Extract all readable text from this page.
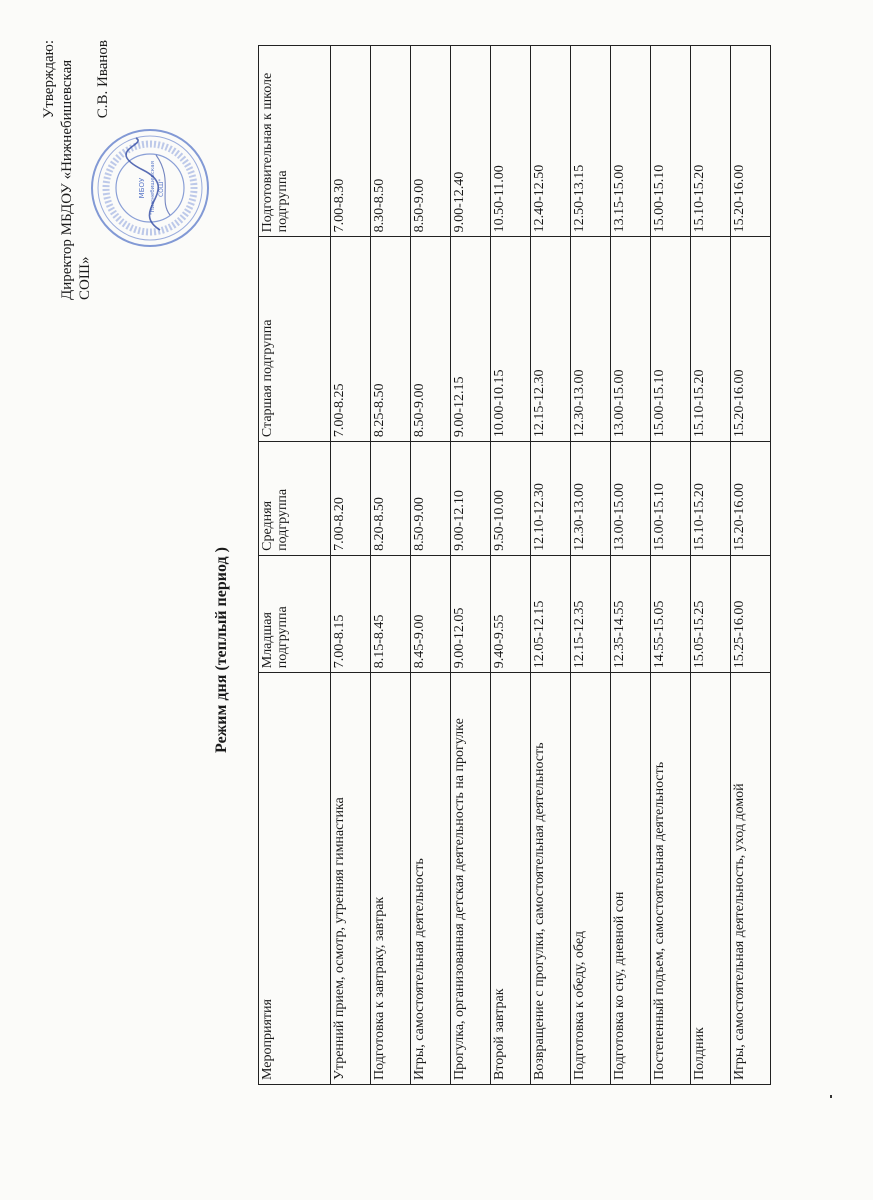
Утверждаю: Директор МБДОУ «Нижнебишевская СОШ»
С.В. Иванов
МБОУ "Нижнебишевская СОШ"
Режим дня (теплый период )
Мероприятия	Младшая подгруппа	Средняя подгруппа	Старшая подгруппа	Подготовительная к школе подгруппа
Утренний прием, осмотр, утренняя гимнастика	7.00-8.15	7.00-8.20	7.00-8.25	7.00-8.30
Подготовка к завтраку, завтрак	8.15-8.45	8.20-8.50	8.25-8.50	8.30-8.50
Игры, самостоятельная деятельность	8.45-9.00	8.50-9.00	8.50-9.00	8.50-9.00
Прогулка, организованная детская деятельность на прогулке	9.00-12.05	9.00-12.10	9.00-12.15	9.00-12.40
Второй завтрак	9.40-9.55	9.50-10.00	10.00-10.15	10.50-11.00
Возвращение с прогулки, самостоятельная деятельность	12.05-12.15	12.10-12.30	12.15-12.30	12.40-12.50
Подготовка к обеду, обед	12.15-12.35	12.30-13.00	12.30-13.00	12.50-13.15
Подготовка ко сну, дневной сон	12.35-14.55	13.00-15.00	13.00-15.00	13.15-15.00
Постепенный подъем, самостоятельная деятельность	14.55-15.05	15.00-15.10	15.00-15.10	15.00-15.10
Полдник	15.05-15.25	15.10-15.20	15.10-15.20	15.10-15.20
Игры, самостоятельная деятельность, уход домой	15.25-16.00	15.20-16.00	15.20-16.00	15.20-16.00
